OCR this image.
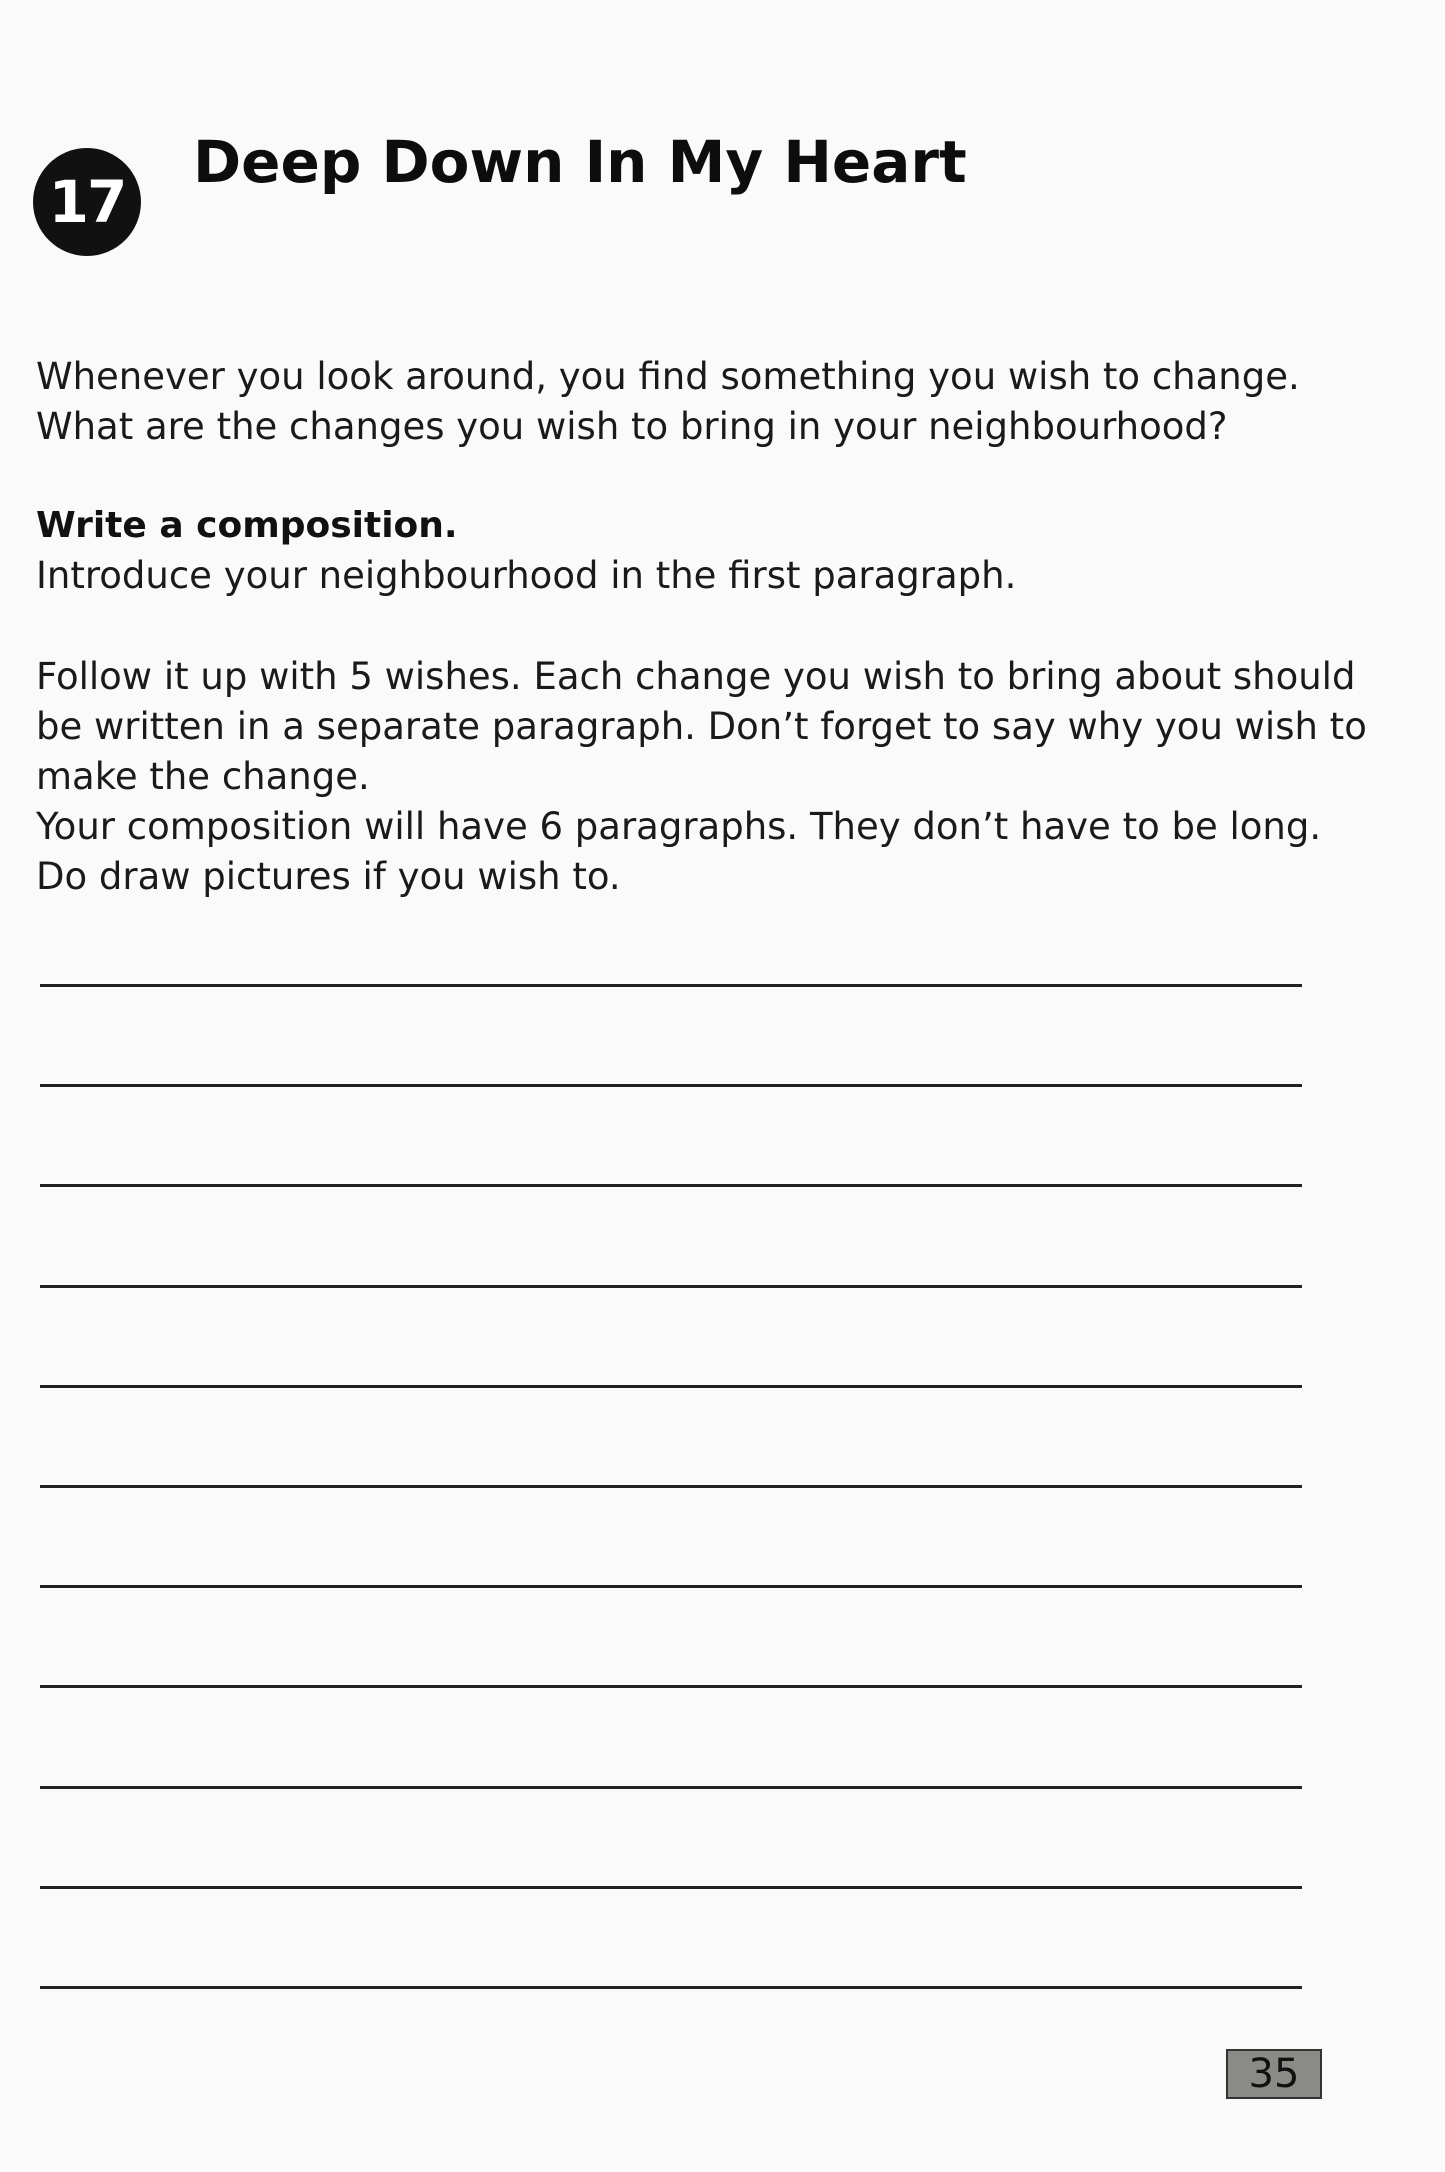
17
Deep Down In My Heart

Whenever you look around, you find something you wish to change.

What are the changes you wish to bring in your neighbourhood?

Write a composition.

Introduce your neighbourhood in the first paragraph.

Follow it up with 5 wishes. Each change you wish to bring about should

be written in a separate paragraph. Don’t forget to say why you wish to

make the change.

Your composition will have 6 paragraphs. They don’t have to be long.

Do draw pictures if you wish to.

35
